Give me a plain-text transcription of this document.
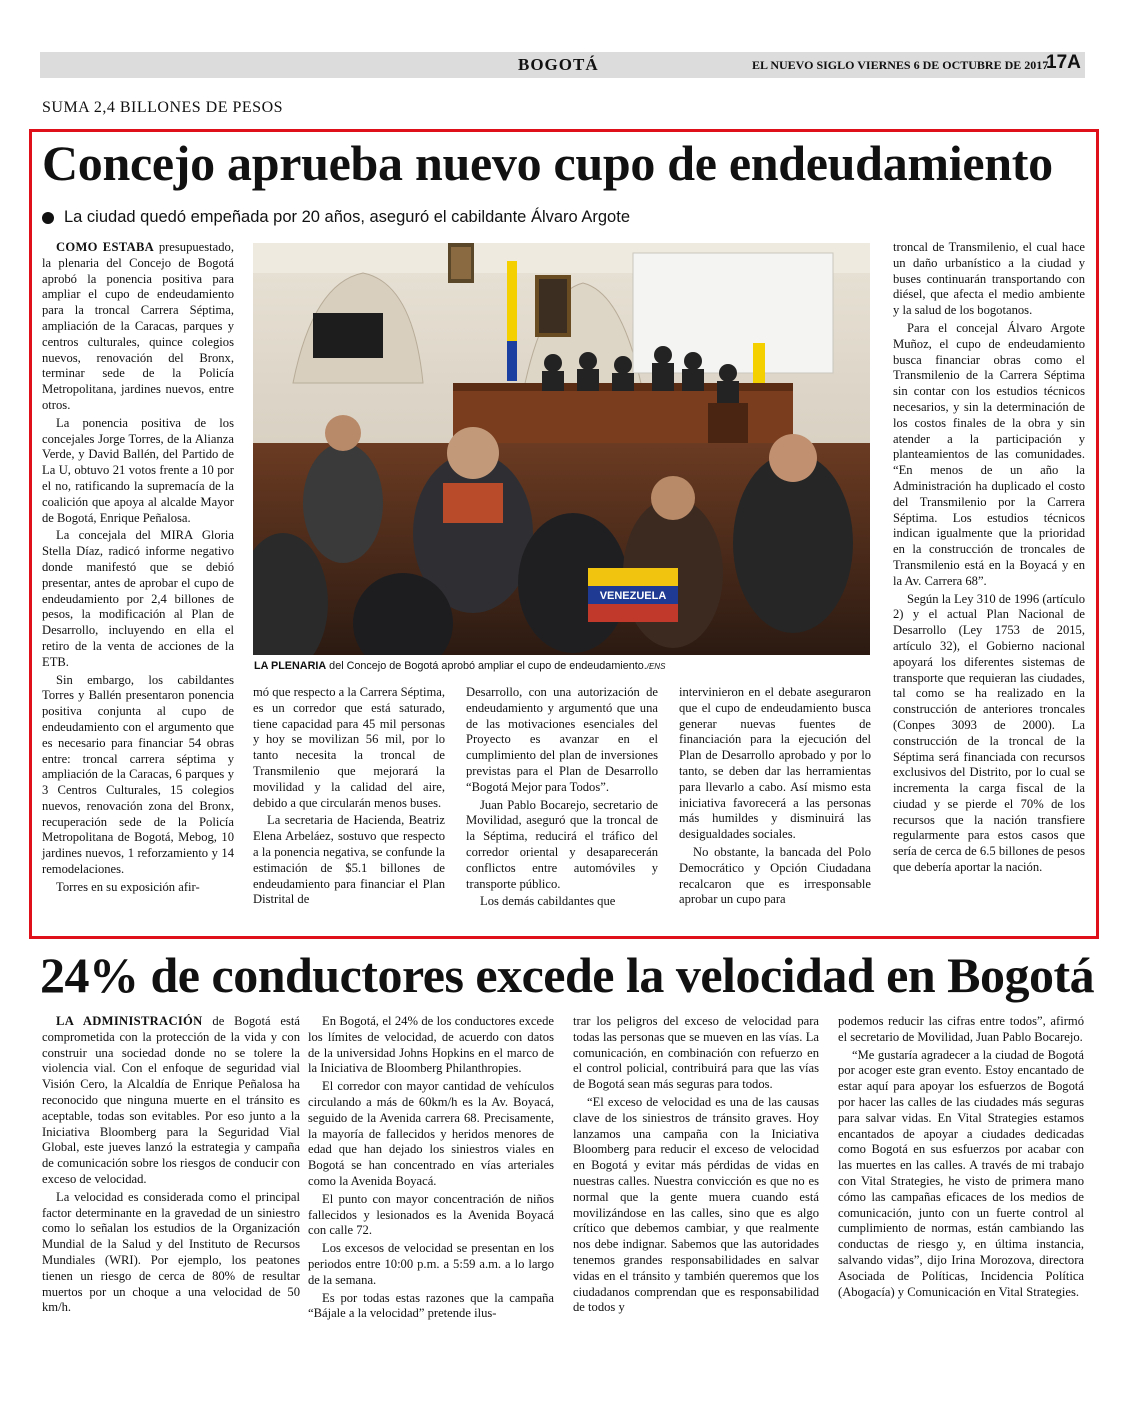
BOGOTÁ	EL NUEVO SIGLO VIERNES 6 DE OCTUBRE DE 2017
17A
SUMA 2,4 BILLONES DE PESOS
Concejo aprueba nuevo cupo de endeudamiento
La ciudad quedó empeñada por 20 años, aseguró el cabildante Álvaro Argote

COMO ESTABA presupuestado, la plenaria del Concejo de Bogotá aprobó la ponencia positiva para ampliar el cupo de endeudamiento para la troncal Carrera Séptima, ampliación de la Caracas, parques y centros culturales, quince colegios nuevos, renovación del Bronx, terminar sede de la Policía Metropolitana, jardines nuevos, entre otros.

La ponencia positiva de los concejales Jorge Torres, de la Alianza Verde, y David Ballén, del Partido de La U, obtuvo 21 votos frente a 10 por el no, ratificando la supremacía de la coalición que apoya al alcalde Mayor de Bogotá, Enrique Peñalosa.

La concejala del MIRA Gloria Stella Díaz, radicó informe negativo donde manifestó que se debió presentar, antes de aprobar el cupo de endeudamiento por 2,4 billones de pesos, la modificación al Plan de Desarrollo, incluyendo en ella el retiro de la venta de acciones de la ETB.

Sin embargo, los cabildantes Torres y Ballén presentaron ponencia positiva conjunta al cupo de endeudamiento con el argumento que es necesario para financiar 54 obras entre: troncal carrera séptima y ampliación de la Caracas, 6 parques y 3 Centros Culturales, 15 colegios nuevos, renovación zona del Bronx, recuperación sede de la Policía Metropolitana de Bogotá, Mebog, 10 jardines nuevos, 1 reforzamiento y 14 remodelaciones.

Torres en su exposición afir-

VENEZUELA
LA PLENARIA del Concejo de Bogotá aprobó ampliar el cupo de endeudamiento./ENS

mó que respecto a la Carrera Séptima, es un corredor que está saturado, tiene capacidad para 45 mil personas y hoy se movilizan 56 mil, por lo tanto necesita la troncal de Transmilenio que mejorará la movilidad y la calidad del aire, debido a que circularán menos buses.

La secretaria de Hacienda, Beatriz Elena Arbeláez, sostuvo que respecto a la ponencia negativa, se confunde la estimación de $5.1 billones de endeudamiento para financiar el Plan Distrital de

Desarrollo, con una autorización de endeudamiento y argumentó que una de las motivaciones esenciales del Proyecto es avanzar en el cumplimiento del plan de inversiones previstas para el Plan de Desarrollo “Bogotá Mejor para Todos”.

Juan Pablo Bocarejo, secretario de Movilidad, aseguró que la troncal de la Séptima, reducirá el tráfico del corredor oriental y desaparecerán conflictos entre automóviles y transporte público.

Los demás cabildantes que

intervinieron en el debate aseguraron que el cupo de endeudamiento busca generar nuevas fuentes de financiación para la ejecución del Plan de Desarrollo aprobado y por lo tanto, se deben dar las herramientas para llevarlo a cabo. Así mismo esta iniciativa favorecerá a las personas más humildes y disminuirá las desigualdades sociales.

No obstante, la bancada del Polo Democrático y Opción Ciudadana recalcaron que es irresponsable aprobar un cupo para

troncal de Transmilenio, el cual hace un daño urbanístico a la ciudad y buses continuarán transportando con diésel, que afecta el medio ambiente y la salud de los bogotanos.

Para el concejal Álvaro Argote Muñoz, el cupo de endeudamiento busca financiar obras como el Transmilenio de la Carrera Séptima sin contar con los estudios técnicos necesarios, y sin la determinación de los costos finales de la obra y sin atender a la participación y planteamientos de las comunidades. “En menos de un año la Administración ha duplicado el costo del Transmilenio por la Carrera Séptima. Los estudios técnicos indican igualmente que la prioridad en la construcción de troncales de Transmilenio está en la Boyacá y en la Av. Carrera 68”.

Según la Ley 310 de 1996 (artículo 2) y el actual Plan Nacional de Desarrollo (Ley 1753 de 2015, artículo 32), el Gobierno nacional apoyará los diferentes sistemas de transporte que requieran las ciudades, tal como se ha realizado en la construcción de anteriores troncales (Conpes 3093 de 2000). La construcción de la troncal de la Séptima será financiada con recursos exclusivos del Distrito, por lo cual se incrementa la carga fiscal de la ciudad y se pierde el 70% de los recursos que la nación transfiere regularmente para estos casos que sería de cerca de 6.5 billones de pesos que debería aportar la nación.

24% de conductores excede la velocidad en Bogotá

LA ADMINISTRACIÓN de Bogotá está comprometida con la protección de la vida y con construir una sociedad donde no se tolere la violencia vial. Con el enfoque de seguridad vial Visión Cero, la Alcaldía de Enrique Peñalosa ha reconocido que ninguna muerte en el tránsito es aceptable, todas son evitables. Por eso junto a la Iniciativa Bloomberg para la Seguridad Vial Global, este jueves lanzó la estrategia y campaña de comunicación sobre los riesgos de conducir con exceso de velocidad.

La velocidad es considerada como el principal factor determinante en la gravedad de un siniestro como lo señalan los estudios de la Organización Mundial de la Salud y del Instituto de Recursos Mundiales (WRI). Por ejemplo, los peatones tienen un riesgo de cerca de 80% de resultar muertos por un choque a una velocidad de 50 km/h.

En Bogotá, el 24% de los conductores excede los límites de velocidad, de acuerdo con datos de la universidad Johns Hopkins en el marco de la Iniciativa de Bloomberg Philanthropies.

El corredor con mayor cantidad de vehículos circulando a más de 60km/h es la Av. Boyacá, seguido de la Avenida carrera 68. Precisamente, la mayoría de fallecidos y heridos menores de edad que han dejado los siniestros viales en Bogotá se han concentrado en vías arteriales como la Avenida Boyacá.

El punto con mayor concentración de niños fallecidos y lesionados es la Avenida Boyacá con calle 72.

Los excesos de velocidad se presentan en los periodos entre 10:00 p.m. a 5:59 a.m. a lo largo de la semana.

Es por todas estas razones que la campaña “Bájale a la velocidad” pretende ilus-

trar los peligros del exceso de velocidad para todas las personas que se mueven en las vías. La comunicación, en combinación con refuerzo en el control policial, contribuirá para que las vías de Bogotá sean más seguras para todos.

“El exceso de velocidad es una de las causas clave de los siniestros de tránsito graves. Hoy lanzamos una campaña con la Iniciativa Bloomberg para reducir el exceso de velocidad en Bogotá y evitar más pérdidas de vidas en nuestras calles. Nuestra convicción es que no es normal que la gente muera cuando está movilizándose en las calles, sino que es algo crítico que debemos cambiar, y que realmente nos debe indignar. Sabemos que las autoridades tenemos grandes responsabilidades en salvar vidas en el tránsito y también queremos que los ciudadanos comprendan que es responsabilidad de todos y

podemos reducir las cifras entre todos”, afirmó el secretario de Movilidad, Juan Pablo Bocarejo.

“Me gustaría agradecer a la ciudad de Bogotá por acoger este gran evento. Estoy encantado de estar aquí para apoyar los esfuerzos de Bogotá por hacer las calles de las ciudades más seguras para salvar vidas. En Vital Strategies estamos encantados de apoyar a ciudades dedicadas como Bogotá en sus esfuerzos por acabar con las muertes en las calles. A través de mi trabajo con Vital Strategies, he visto de primera mano cómo las campañas eficaces de los medios de comunicación, junto con un fuerte control al cumplimiento de normas, están cambiando las conductas de riesgo y, en última instancia, salvando vidas”, dijo Irina Morozova, directora Asociada de Políticas, Incidencia Política (Abogacía) y Comunicación en Vital Strategies.
